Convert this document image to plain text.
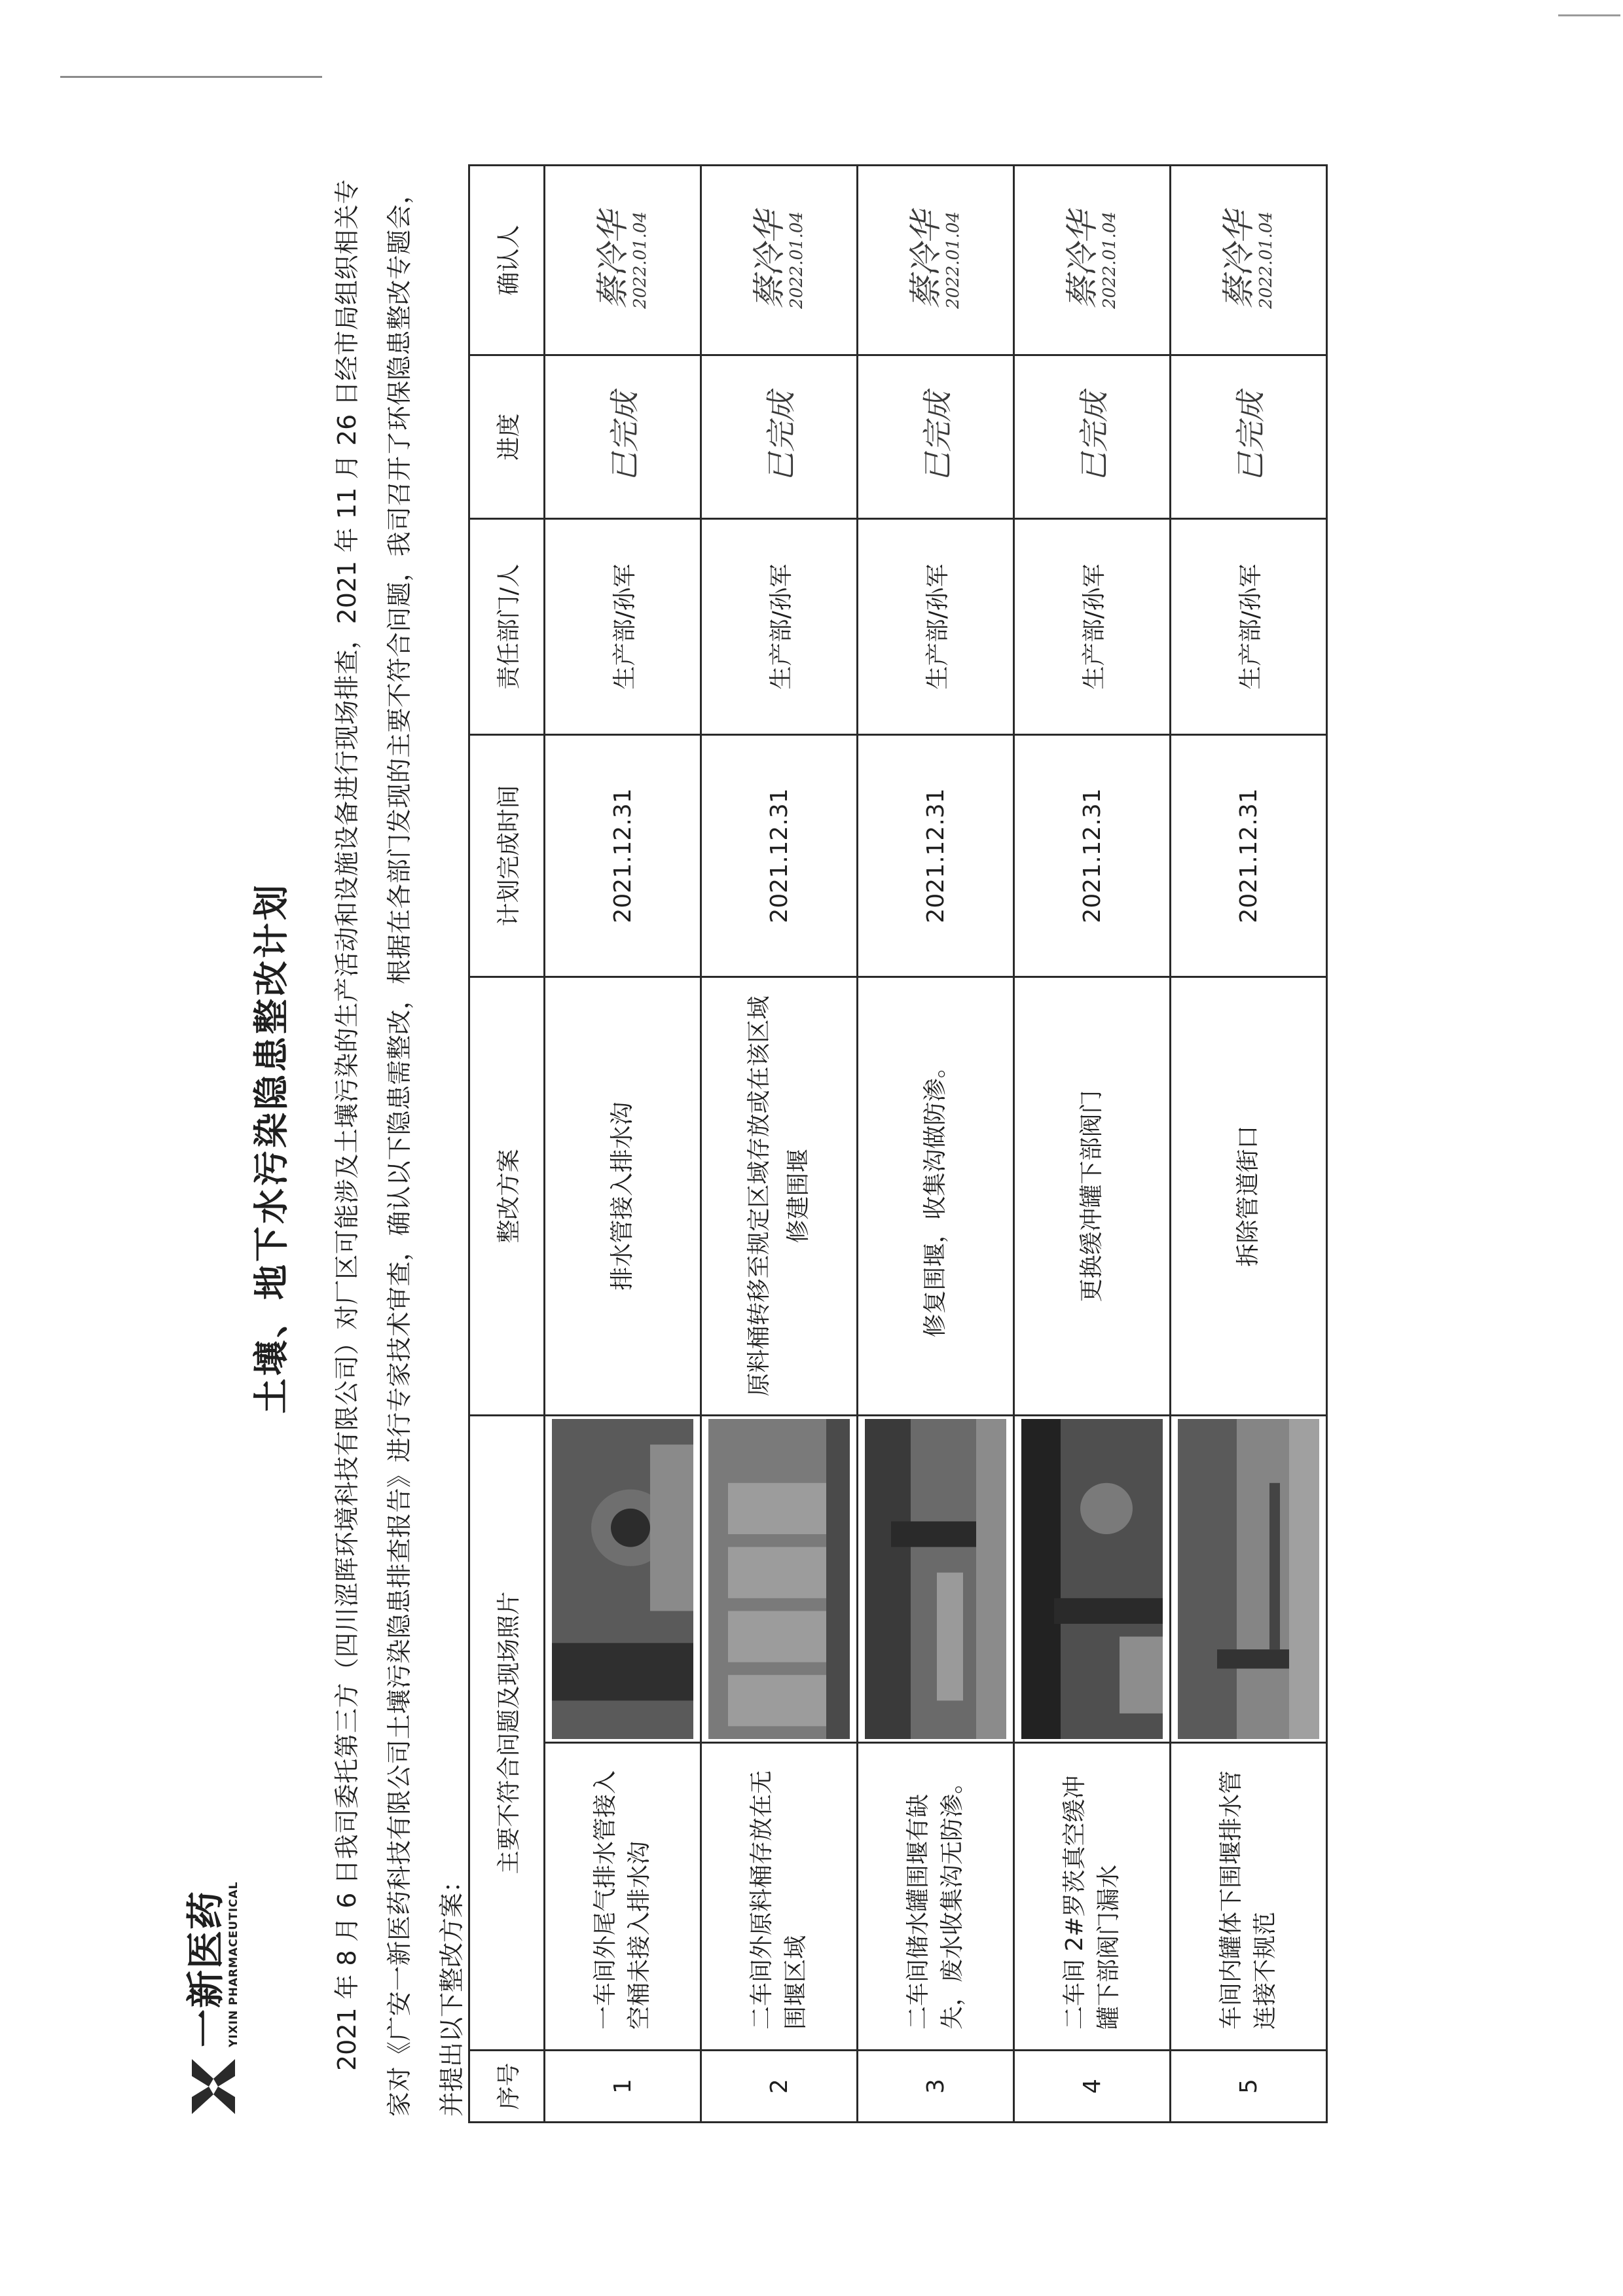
一新医药 YIXIN PHARMACEUTICAL
土壤、地下水污染隐患整改计划	2021 年 8 月 6 日我司委托第三方（四川涩晖环境科技有限公司）对厂区可能涉及土壤污染的生产活动和设施设备进行现场排查，2021 年 11 月 26 日经市局组织相关专家对《广安一新医药科技有限公司土壤污染隐患排查报告》进行专家技术审查，确认以下隐患需整改，根据在各部门发现的主要不符合问题，我司召开了环保隐患整改专题会，并提出以下整改方案：	序号	主要不符合问题及现场照片		整改方案	计划完成时间	责任部门/人	进度	确认人
1	一车间外尾气排水管接入空桶未接入排水沟		排水管接入排水沟	2021.12.31	生产部/孙军	已完成	蔡冷华
2022.01.04

2	二车间外原料桶存放在无围堰区域		原料桶转移至规定区域存放或在该区域修建围堰	2021.12.31	生产部/孙军	已完成	蔡冷华
2022.01.04

3	二车间储水罐围堰有缺失，废水收集沟无防渗。		修复围堰，收集沟做防渗。	2021.12.31	生产部/孙军	已完成	蔡冷华
2022.01.04

4	二车间 2#罗茨真空缓冲罐下部阀门漏水		更换缓冲罐下部阀门	2021.12.31	生产部/孙军	已完成	蔡冷华
2022.01.04

5	车间内罐体下围堰排水管连接不规范		拆除管道街口	2021.12.31	生产部/孙军	已完成	蔡冷华
2022.01.04
